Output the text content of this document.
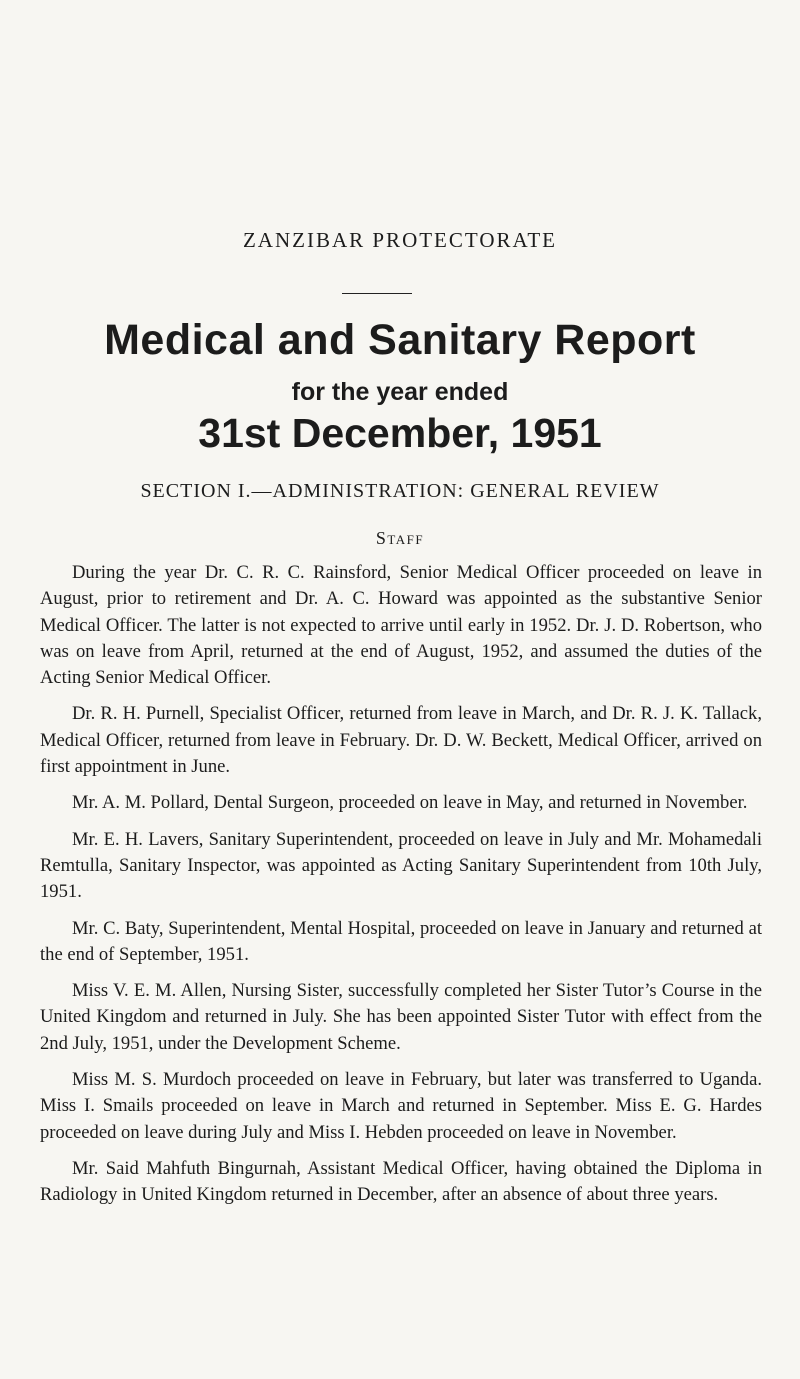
ZANZIBAR PROTECTORATE
Medical and Sanitary Report
for the year ended
31st December, 1951
SECTION I.—ADMINISTRATION: GENERAL REVIEW
Staff

During the year Dr. C. R. C. Rainsford, Senior Medical Officer proceeded on leave in August, prior to retirement and Dr. A. C. Howard was appointed as the substantive Senior Medical Officer. The latter is not expected to arrive until early in 1952. Dr. J. D. Robertson, who was on leave from April, returned at the end of August, 1952, and assumed the duties of the Acting Senior Medical Officer.

Dr. R. H. Purnell, Specialist Officer, returned from leave in March, and Dr. R. J. K. Tallack, Medical Officer, returned from leave in February. Dr. D. W. Beckett, Medical Officer, arrived on first appointment in June.

Mr. A. M. Pollard, Dental Surgeon, proceeded on leave in May, and returned in November.

Mr. E. H. Lavers, Sanitary Superintendent, proceeded on leave in July and Mr. Mohamedali Remtulla, Sanitary Inspector, was appointed as Acting Sanitary Superintendent from 10th July, 1951.

Mr. C. Baty, Superintendent, Mental Hospital, proceeded on leave in January and returned at the end of September, 1951.

Miss V. E. M. Allen, Nursing Sister, successfully completed her Sister Tutor’s Course in the United Kingdom and returned in July. She has been appointed Sister Tutor with effect from the 2nd July, 1951, under the Development Scheme.

Miss M. S. Murdoch proceeded on leave in February, but later was transferred to Uganda. Miss I. Smails proceeded on leave in March and returned in September. Miss E. G. Hardes proceeded on leave during July and Miss I. Hebden proceeded on leave in November.

Mr. Said Mahfuth Bingurnah, Assistant Medical Officer, having obtained the Diploma in Radiology in United Kingdom returned in December, after an absence of about three years.
